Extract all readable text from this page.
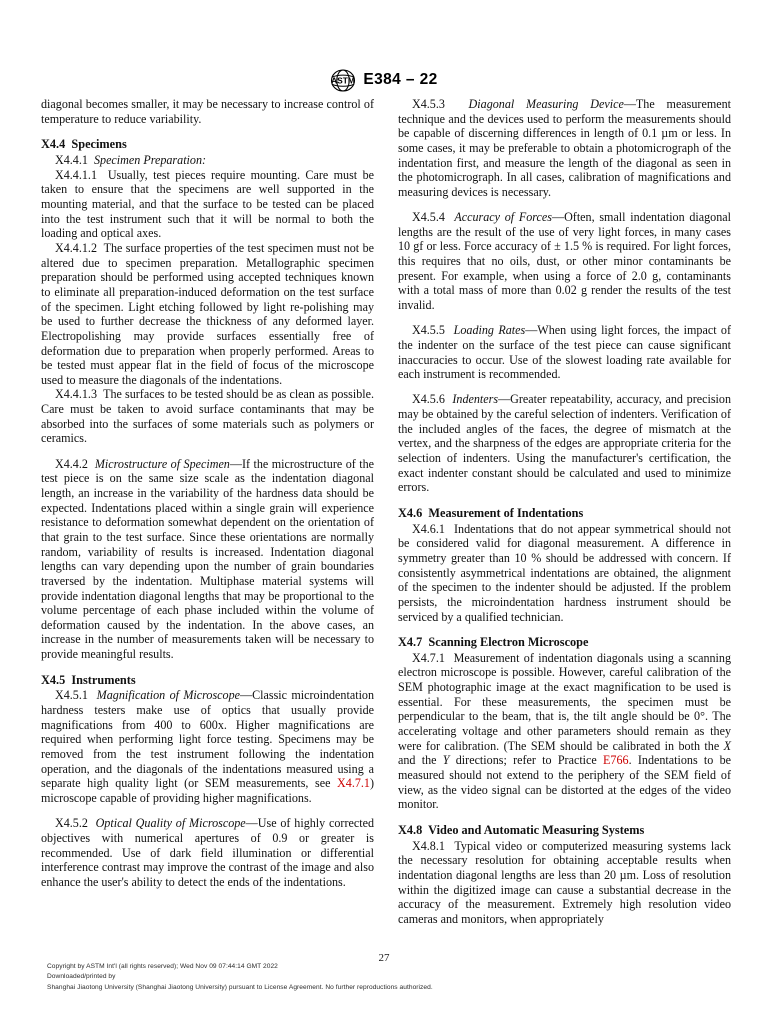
ASTM E384 – 22

diagonal becomes smaller, it may be necessary to increase control of temperature to reduce variability.

X4.4  Specimens

X4.4.1  Specimen Preparation:

X4.4.1.1  Usually, test pieces require mounting. Care must be taken to ensure that the specimens are well supported in the mounting material, and that the surface to be tested can be placed into the test instrument such that it will be normal to both the loading and optical axes.

X4.4.1.2  The surface properties of the test specimen must not be altered due to specimen preparation. Metallographic specimen preparation should be performed using accepted techniques known to eliminate all preparation-induced deformation on the test surface of the specimen. Light etching followed by light re-polishing may be used to further decrease the thickness of any deformed layer. Electropolishing may provide surfaces essentially free of deformation due to preparation when properly performed. Areas to be tested must appear flat in the field of focus of the microscope used to measure the diagonals of the indentations.

X4.4.1.3  The surfaces to be tested should be as clean as possible. Care must be taken to avoid surface contaminants that may be absorbed into the surfaces of some materials such as polymers or ceramics.

X4.4.2  Microstructure of Specimen—If the microstructure of the test piece is on the same size scale as the indentation diagonal length, an increase in the variability of the hardness data should be expected. Indentations placed within a single grain will experience resistance to deformation somewhat dependent on the orientation of that grain to the test surface. Since these orientations are normally random, variability of results is increased. Indentation diagonal lengths can vary depending upon the number of grain boundaries traversed by the indentation. Multiphase material systems will provide indentation diagonal lengths that may be proportional to the volume percentage of each phase included within the volume of deformation caused by the indentation. In the above cases, an increase in the number of measurements taken will be necessary to provide meaningful results.

X4.5  Instruments

X4.5.1  Magnification of Microscope—Classic microindentation hardness testers make use of optics that usually provide magnifications from 400 to 600x. Higher magnifications are required when performing light force testing. Specimens may be removed from the test instrument following the indentation operation, and the diagonals of the indentations measured using a separate high quality light (or SEM measurements, see X4.7.1) microscope capable of providing higher magnifications.

X4.5.2  Optical Quality of Microscope—Use of highly corrected objectives with numerical apertures of 0.9 or greater is recommended. Use of dark field illumination or differential interference contrast may improve the contrast of the image and also enhance the user's ability to detect the ends of the indentations.

X4.5.3  Diagonal Measuring Device—The measurement technique and the devices used to perform the measurements should be capable of discerning differences in length of 0.1 µm or less. In some cases, it may be preferable to obtain a photomicrograph of the indentation first, and measure the length of the diagonal as seen in the photomicrograph. In all cases, calibration of magnifications and measuring devices is necessary.

X4.5.4  Accuracy of Forces—Often, small indentation diagonal lengths are the result of the use of very light forces, in many cases 10 gf or less. Force accuracy of ± 1.5 % is required. For light forces, this requires that no oils, dust, or other minor contaminants be present. For example, when using a force of 2.0 g, contaminants with a total mass of more than 0.02 g render the results of the test invalid.

X4.5.5  Loading Rates—When using light forces, the impact of the indenter on the surface of the test piece can cause significant inaccuracies to occur. Use of the slowest loading rate available for each instrument is recommended.

X4.5.6  Indenters—Greater repeatability, accuracy, and precision may be obtained by the careful selection of indenters. Verification of the included angles of the faces, the degree of mismatch at the vertex, and the sharpness of the edges are appropriate criteria for the selection of indenters. Using the manufacturer's certification, the exact indenter constant should be calculated and used to minimize errors.

X4.6  Measurement of Indentations

X4.6.1  Indentations that do not appear symmetrical should not be considered valid for diagonal measurement. A difference in symmetry greater than 10 % should be addressed with concern. If consistently asymmetrical indentations are obtained, the alignment of the specimen to the indenter should be adjusted. If the problem persists, the microindentation hardness instrument should be serviced by a qualified technician.

X4.7  Scanning Electron Microscope

X4.7.1  Measurement of indentation diagonals using a scanning electron microscope is possible. However, careful calibration of the SEM photographic image at the exact magnification to be used is essential. For these measurements, the specimen must be perpendicular to the beam, that is, the tilt angle should be 0°. The accelerating voltage and other parameters should remain as they were for calibration. (The SEM should be calibrated in both the X and the Y directions; refer to Practice E766. Indentations to be measured should not extend to the periphery of the SEM field of view, as the video signal can be distorted at the edges of the video monitor.

X4.8  Video and Automatic Measuring Systems

X4.8.1  Typical video or computerized measuring systems lack the necessary resolution for obtaining acceptable results when indentation diagonal lengths are less than 20 µm. Loss of resolution within the digitized image can cause a substantial decrease in the accuracy of the measurement. Extremely high resolution video cameras and monitors, when appropriately

27
Copyright by ASTM Int'l (all rights reserved); Wed Nov 09 07:44:14 GMT 2022
Downloaded/printed by
Shanghai Jiaotong University (Shanghai Jiaotong University) pursuant to License Agreement. No further reproductions authorized.
